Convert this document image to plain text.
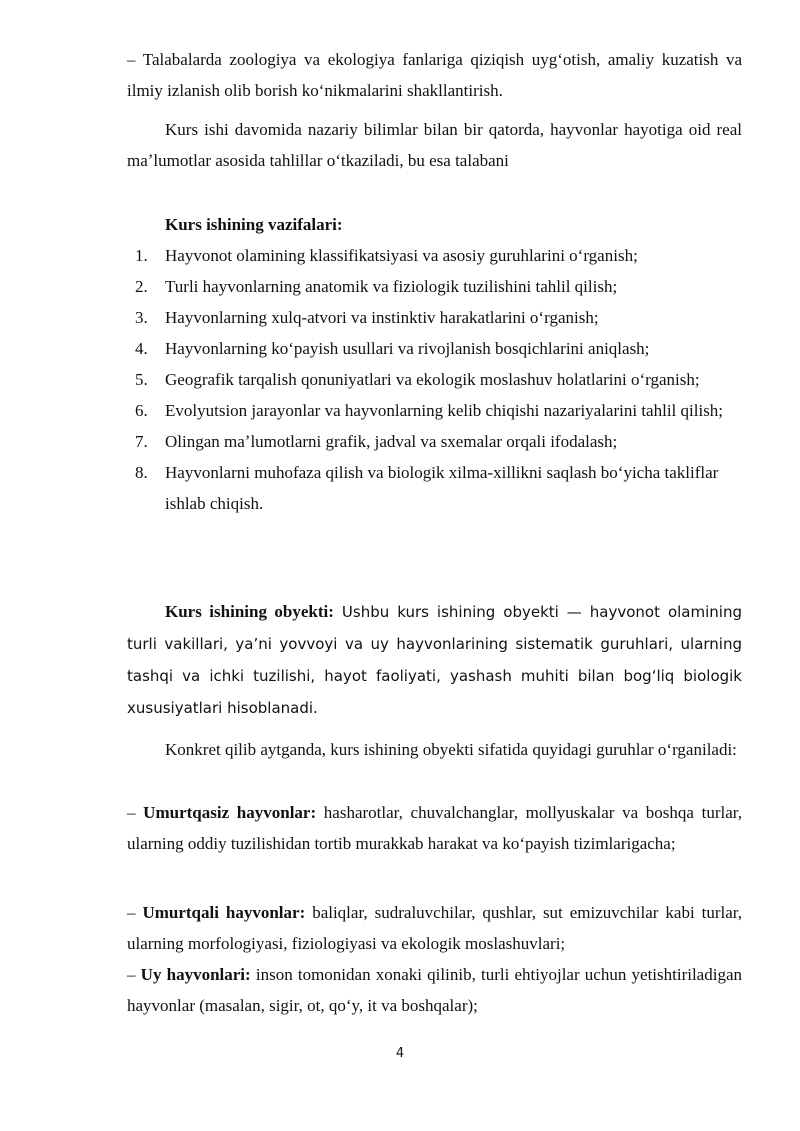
– Talabalarda zoologiya va ekologiya fanlariga qiziqish uygʻotish, amaliy kuzatish va ilmiy izlanish olib borish koʻnikmalarini shakllantirish.

Kurs ishi davomida nazariy bilimlar bilan bir qatorda, hayvonlar hayotiga oid real maʼlumotlar asosida tahlillar oʻtkaziladi, bu esa talabani

Kurs ishining vazifalari:

1. Hayvonot olamining klassifikatsiyasi va asosiy guruhlarini oʻrganish;
2. Turli hayvonlarning anatomik va fiziologik tuzilishini tahlil qilish;
3. Hayvonlarning xulq-atvori va instinktiv harakatlarini oʻrganish;
4. Hayvonlarning koʻpayish usullari va rivojlanish bosqichlarini aniqlash;
5. Geografik tarqalish qonuniyatlari va ekologik moslashuv holatlarini oʻrganish;
6. Evolyutsion jarayonlar va hayvonlarning kelib chiqishi nazariyalarini tahlil qilish;
7. Olingan maʼlumotlarni grafik, jadval va sxemalar orqali ifodalash;
8. Hayvonlarni muhofaza qilish va biologik xilma-xillikni saqlash boʻyicha takliflar ishlab chiqish.

Kurs ishining obyekti: Ushbu kurs ishining obyekti — hayvonot olamining turli vakillari, yaʼni yovvoyi va uy hayvonlarining sistematik guruhlari, ularning tashqi va ichki tuzilishi, hayot faoliyati, yashash muhiti bilan bogʻliq biologik xususiyatlari hisoblanadi.

Konkret qilib aytganda, kurs ishining obyekti sifatida quyidagi guruhlar oʻrganiladi:

– Umurtqasiz hayvonlar: hasharotlar, chuvalchanglar, mollyuskalar va boshqa turlar, ularning oddiy tuzilishidan tortib murakkab harakat va koʻpayish tizimlarigacha;

– Umurtqali hayvonlar: baliqlar, sudraluvchilar, qushlar, sut emizuvchilar kabi turlar, ularning morfologiyasi, fiziologiyasi va ekologik moslashuvlari;

– Uy hayvonlari: inson tomonidan xonaki qilinib, turli ehtiyojlar uchun yetishtiriladigan hayvonlar (masalan, sigir, ot, qoʻy, it va boshqalar);

4
